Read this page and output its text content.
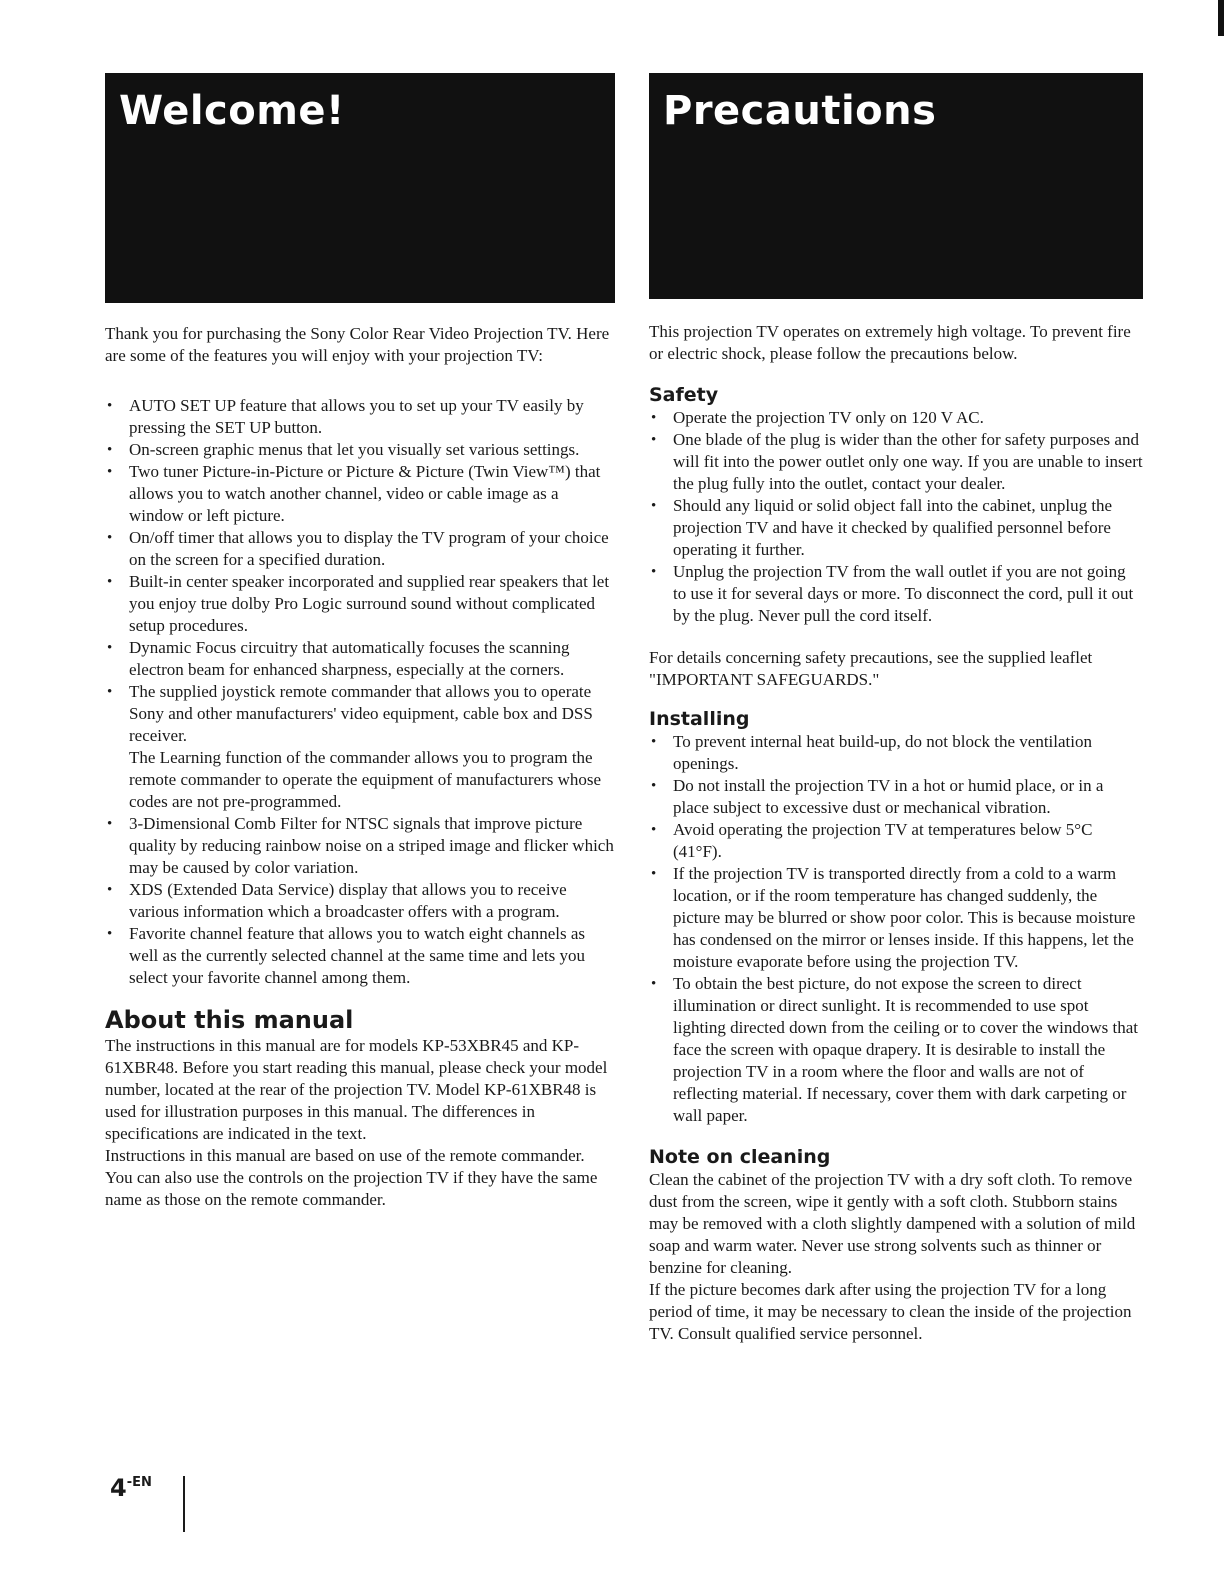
Welcome!

Thank you for purchasing the Sony Color Rear Video Projection TV. Here are some of the features you will enjoy with your projection TV:

• AUTO SET UP feature that allows you to set up your TV easily by pressing the SET UP button.
• On-screen graphic menus that let you visually set various settings.
• Two tuner Picture-in-Picture or Picture & Picture (Twin View™) that allows you to watch another channel, video or cable image as a window or left picture.
• On/off timer that allows you to display the TV program of your choice on the screen for a specified duration.
• Built-in center speaker incorporated and supplied rear speakers that let you enjoy true dolby Pro Logic surround sound without complicated setup procedures.
• Dynamic Focus circuitry that automatically focuses the scanning electron beam for enhanced sharpness, especially at the corners.
• The supplied joystick remote commander that allows you to operate Sony and other manufacturers' video equipment, cable box and DSS receiver.
The Learning function of the commander allows you to program the remote commander to operate the equipment of manufacturers whose codes are not pre-programmed.
• 3-Dimensional Comb Filter for NTSC signals that improve picture quality by reducing rainbow noise on a striped image and flicker which may be caused by color variation.
• XDS (Extended Data Service) display that allows you to receive various information which a broadcaster offers with a program.
• Favorite channel feature that allows you to watch eight channels as well as the currently selected channel at the same time and lets you select your favorite channel among them.
About this manual

The instructions in this manual are for models KP-53XBR45 and KP-61XBR48. Before you start reading this manual, please check your model number, located at the rear of the projection TV. Model KP-61XBR48 is used for illustration purposes in this manual. The differences in specifications are indicated in the text.

Instructions in this manual are based on use of the remote commander. You can also use the controls on the projection TV if they have the same name as those on the remote commander.

Precautions

This projection TV operates on extremely high voltage. To prevent fire or electric shock, please follow the precautions below.

Safety
• Operate the projection TV only on 120 V AC.
• One blade of the plug is wider than the other for safety purposes and will fit into the power outlet only one way. If you are unable to insert the plug fully into the outlet, contact your dealer.
• Should any liquid or solid object fall into the cabinet, unplug the projection TV and have it checked by qualified personnel before operating it further.
• Unplug the projection TV from the wall outlet if you are not going to use it for several days or more. To disconnect the cord, pull it out by the plug. Never pull the cord itself.

For details concerning safety precautions, see the supplied leaflet "IMPORTANT SAFEGUARDS."

Installing
• To prevent internal heat build-up, do not block the ventilation openings.
• Do not install the projection TV in a hot or humid place, or in a place subject to excessive dust or mechanical vibration.
• Avoid operating the projection TV at temperatures below 5°C (41°F).
• If the projection TV is transported directly from a cold to a warm location, or if the room temperature has changed suddenly, the picture may be blurred or show poor color. This is because moisture has condensed on the mirror or lenses inside. If this happens, let the moisture evaporate before using the projection TV.
• To obtain the best picture, do not expose the screen to direct illumination or direct sunlight. It is recommended to use spot lighting directed down from the ceiling or to cover the windows that face the screen with opaque drapery. It is desirable to install the projection TV in a room where the floor and walls are not of reflecting material. If necessary, cover them with dark carpeting or wall paper.
Note on cleaning

Clean the cabinet of the projection TV with a dry soft cloth. To remove dust from the screen, wipe it gently with a soft cloth. Stubborn stains may be removed with a cloth slightly dampened with a solution of mild soap and warm water. Never use strong solvents such as thinner or benzine for cleaning.

If the picture becomes dark after using the projection TV for a long period of time, it may be necessary to clean the inside of the projection TV. Consult qualified service personnel.

$4^{-EN}$
